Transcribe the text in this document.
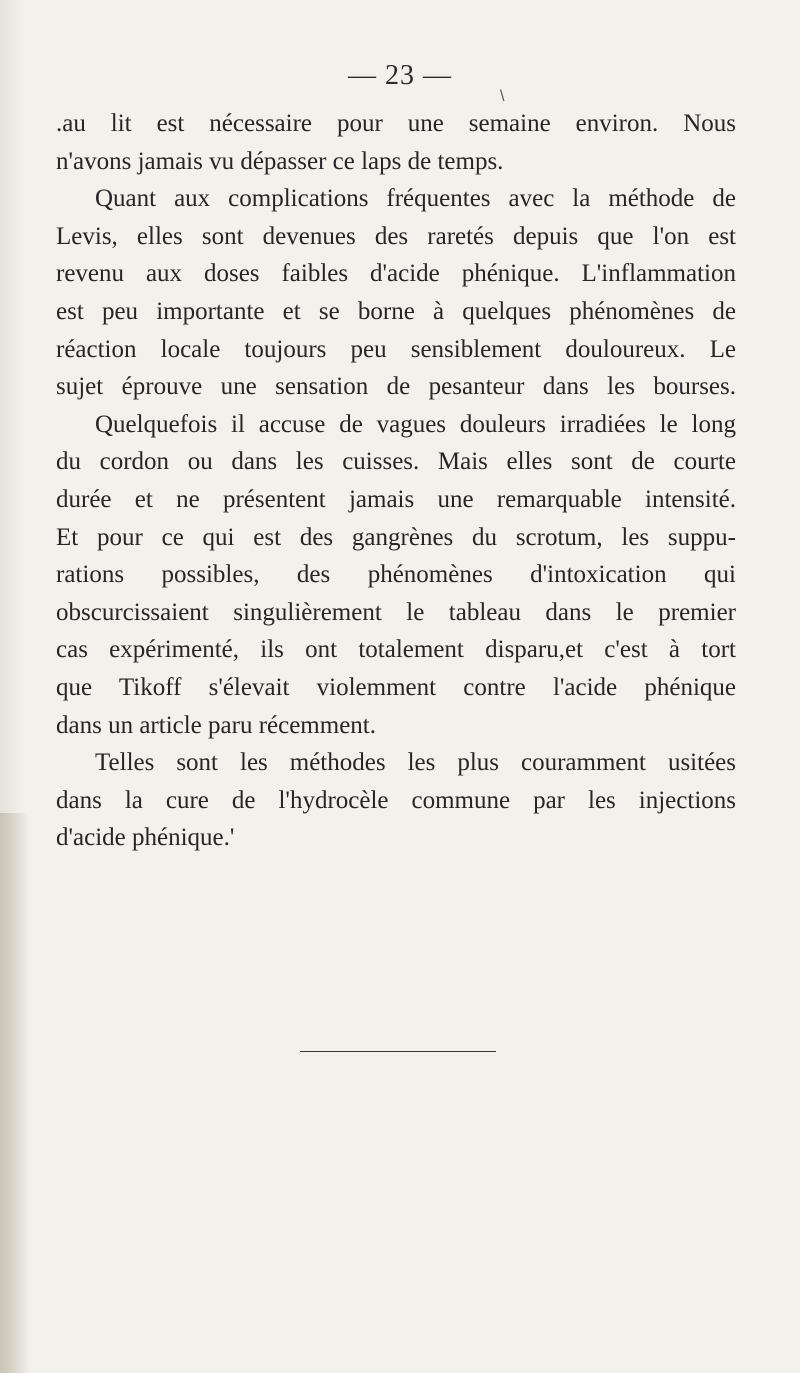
— 23 —
\
.au lit est nécessaire pour une semaine environ. Nous
n'avons jamais vu dépasser ce laps de temps.
Quant aux complications fréquentes avec la méthode de
Levis, elles sont devenues des raretés depuis que l'on est
revenu aux doses faibles d'acide phénique. L'inflammation
est peu importante et se borne à quelques phénomènes de
réaction locale toujours peu sensiblement douloureux. Le
sujet éprouve une sensation de pesanteur dans les bourses.
Quelquefois il accuse de vagues douleurs irradiées le long
du cordon ou dans les cuisses. Mais elles sont de courte
durée et ne présentent jamais une remarquable intensité.
Et pour ce qui est des gangrènes du scrotum, les suppu-
rations possibles, des phénomènes d'intoxication qui
obscurcissaient singulièrement le tableau dans le premier
cas expérimenté, ils ont totalement disparu,et c'est à tort
que Tikoff s'élevait violemment contre l'acide phénique
dans un article paru récemment.
Telles sont les méthodes les plus couramment usitées
dans la cure de l'hydrocèle commune par les injections
d'acide phénique.'
